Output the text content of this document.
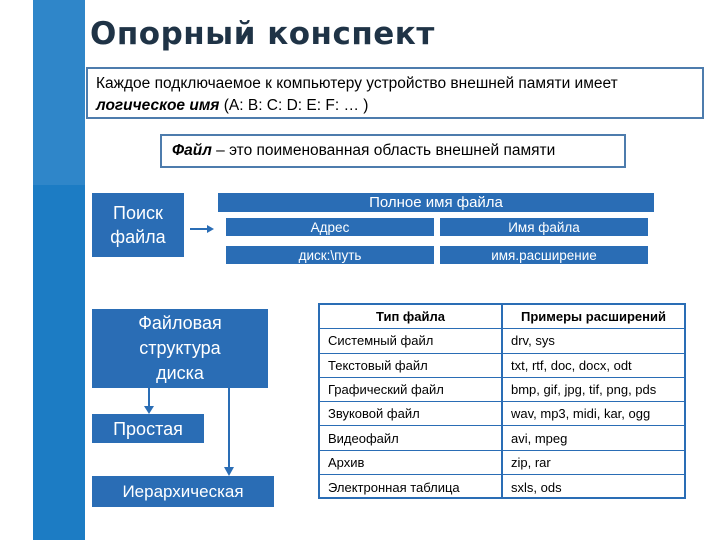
Опорный конспект
Каждое подключаемое к компьютеру устройство внешней памяти имеет
логическое имя (A: B: C: D: E: F: … )
Файл – это поименованная область внешней памяти
Поиск
файла
Полное имя файла
Адрес	Имя файла
диск:\путь	имя.расширение
Файловая
структура
диска
Простая
Иерархическая
Тип файла	Примеры расширений
Системный файл	drv, sys
Текстовый файл	txt, rtf, doc, docx, odt
Графический файл	bmp, gif, jpg, tif, png, pds
Звуковой файл	wav, mp3, midi, kar, ogg
Видеофайл	avi, mpeg
Архив	zip, rar
Электронная таблица	sxls, ods
